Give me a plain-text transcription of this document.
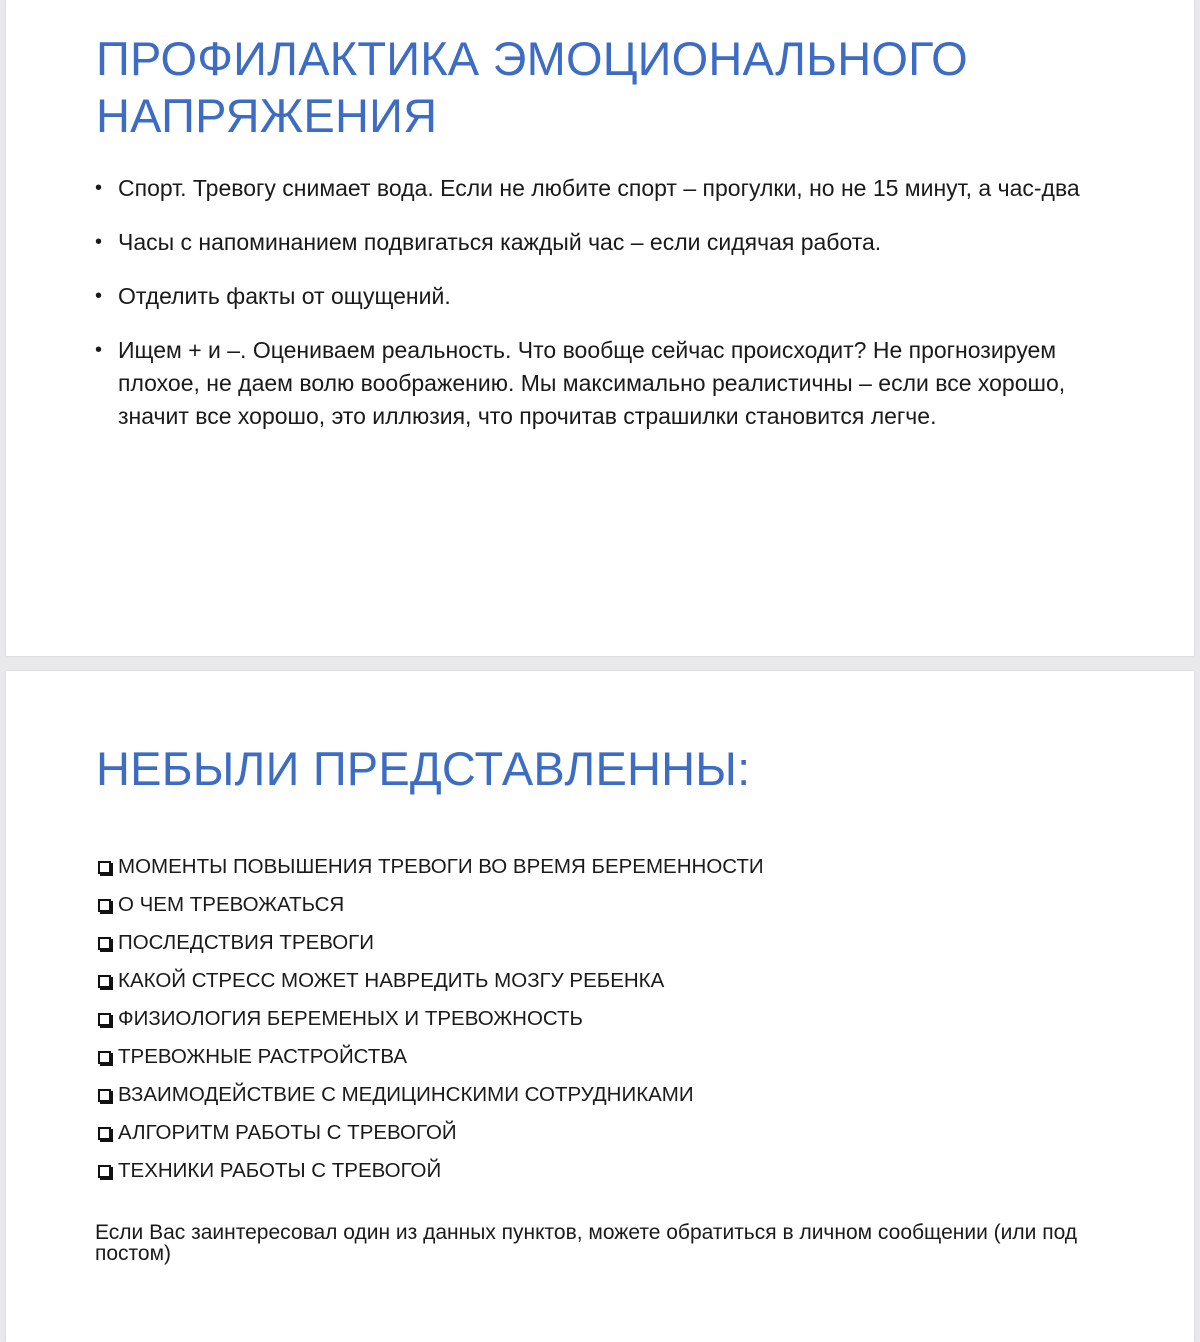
ПРОФИЛАКТИКА ЭМОЦИОНАЛЬНОГО НАПРЯЖЕНИЯ
• Спорт. Тревогу снимает вода. Если не любите спорт – прогулки, но не 15 минут, а час-два
• Часы с напоминанием подвигаться каждый час – если сидячая работа.
• Отделить факты от ощущений.
• Ищем + и –. Оцениваем реальность. Что вообще сейчас происходит? Не прогнозируем плохое, не даем волю воображению. Мы максимально реалистичны – если все хорошо, значит все хорошо, это иллюзия, что прочитав страшилки становится легче.
НЕБЫЛИ ПРЕДСТАВЛЕННЫ:
МОМЕНТЫ ПОВЫШЕНИЯ ТРЕВОГИ ВО ВРЕМЯ БЕРЕМЕННОСТИ
О ЧЕМ ТРЕВОЖАТЬСЯ
ПОСЛЕДСТВИЯ ТРЕВОГИ
КАКОЙ СТРЕСС МОЖЕТ НАВРЕДИТЬ МОЗГУ РЕБЕНКА
ФИЗИОЛОГИЯ БЕРЕМЕНЫХ И ТРЕВОЖНОСТЬ
ТРЕВОЖНЫЕ РАСТРОЙСТВА
ВЗАИМОДЕЙСТВИЕ С МЕДИЦИНСКИМИ СОТРУДНИКАМИ
АЛГОРИТМ РАБОТЫ С ТРЕВОГОЙ
ТЕХНИКИ РАБОТЫ С ТРЕВОГОЙ

Если Вас заинтересовал один из данных пунктов, можете обратиться в личном сообщении (или под постом)
